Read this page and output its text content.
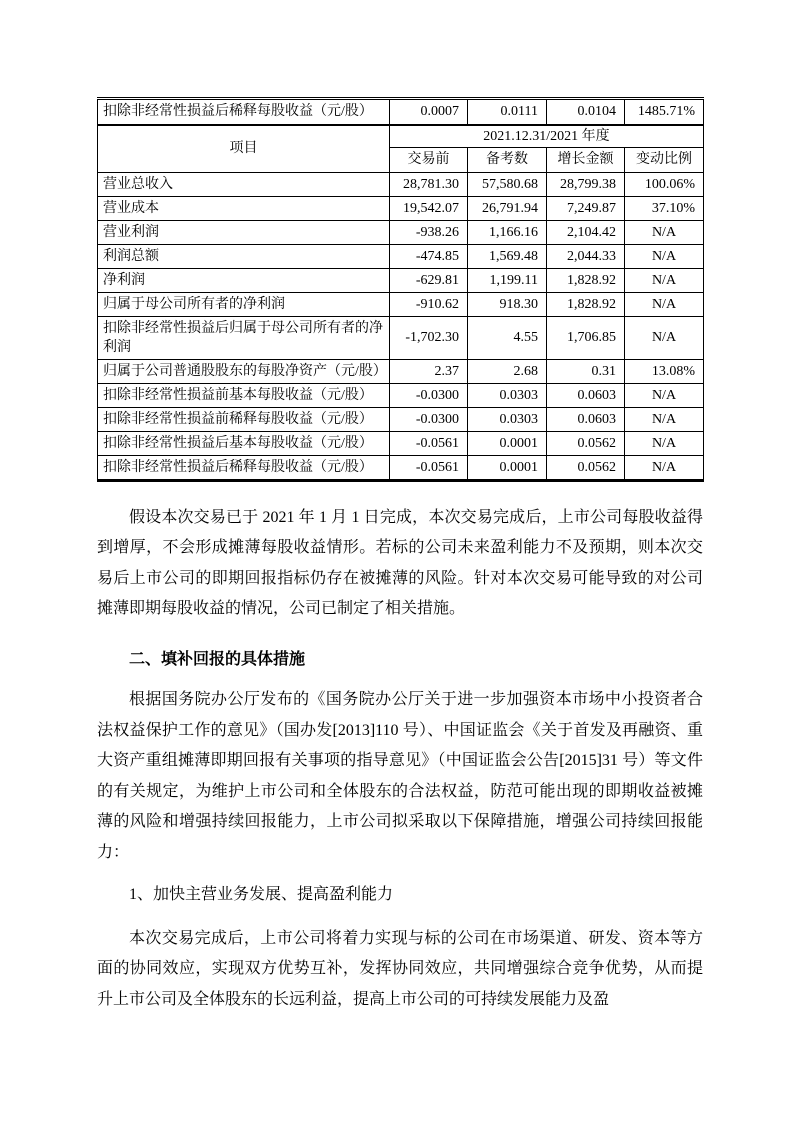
扣除非经常性损益后稀释每股收益（元/股）	0.0007	0.0111	0.0104	1485.71%
项目	2021.12.31/2021 年度			
	交易前	备考数	增长金额	变动比例
营业总收入	28,781.30	57,580.68	28,799.38	100.06%
营业成本	19,542.07	26,791.94	7,249.87	37.10%
营业利润	-938.26	1,166.16	2,104.42	N/A
利润总额	-474.85	1,569.48	2,044.33	N/A
净利润	-629.81	1,199.11	1,828.92	N/A
归属于母公司所有者的净利润	-910.62	918.30	1,828.92	N/A
扣除非经常性损益后归属于母公司所有者的净利润	-1,702.30	4.55	1,706.85	N/A
归属于公司普通股股东的每股净资产（元/股）	2.37	2.68	0.31	13.08%
扣除非经常性损益前基本每股收益（元/股）	-0.0300	0.0303	0.0603	N/A
扣除非经常性损益前稀释每股收益（元/股）	-0.0300	0.0303	0.0603	N/A
扣除非经常性损益后基本每股收益（元/股）	-0.0561	0.0001	0.0562	N/A
扣除非经常性损益后稀释每股收益（元/股）	-0.0561	0.0001	0.0562	N/A

假设本次交易已于 2021 年 1 月 1 日完成，本次交易完成后，上市公司每股收益得到增厚，不会形成摊薄每股收益情形。若标的公司未来盈利能力不及预期，则本次交易后上市公司的即期回报指标仍存在被摊薄的风险。针对本次交易可能导致的对公司摊薄即期每股收益的情况，公司已制定了相关措施。

二、填补回报的具体措施

根据国务院办公厅发布的《国务院办公厅关于进一步加强资本市场中小投资者合法权益保护工作的意见》（国办发[2013]110 号）、中国证监会《关于首发及再融资、重大资产重组摊薄即期回报有关事项的指导意见》（中国证监会公告[2015]31 号）等文件的有关规定，为维护上市公司和全体股东的合法权益，防范可能出现的即期收益被摊薄的风险和增强持续回报能力，上市公司拟采取以下保障措施，增强公司持续回报能力：

1、加快主营业务发展、提高盈利能力

本次交易完成后，上市公司将着力实现与标的公司在市场渠道、研发、资本等方面的协同效应，实现双方优势互补，发挥协同效应，共同增强综合竞争优势，从而提升上市公司及全体股东的长远利益，提高上市公司的可持续发展能力及盈
